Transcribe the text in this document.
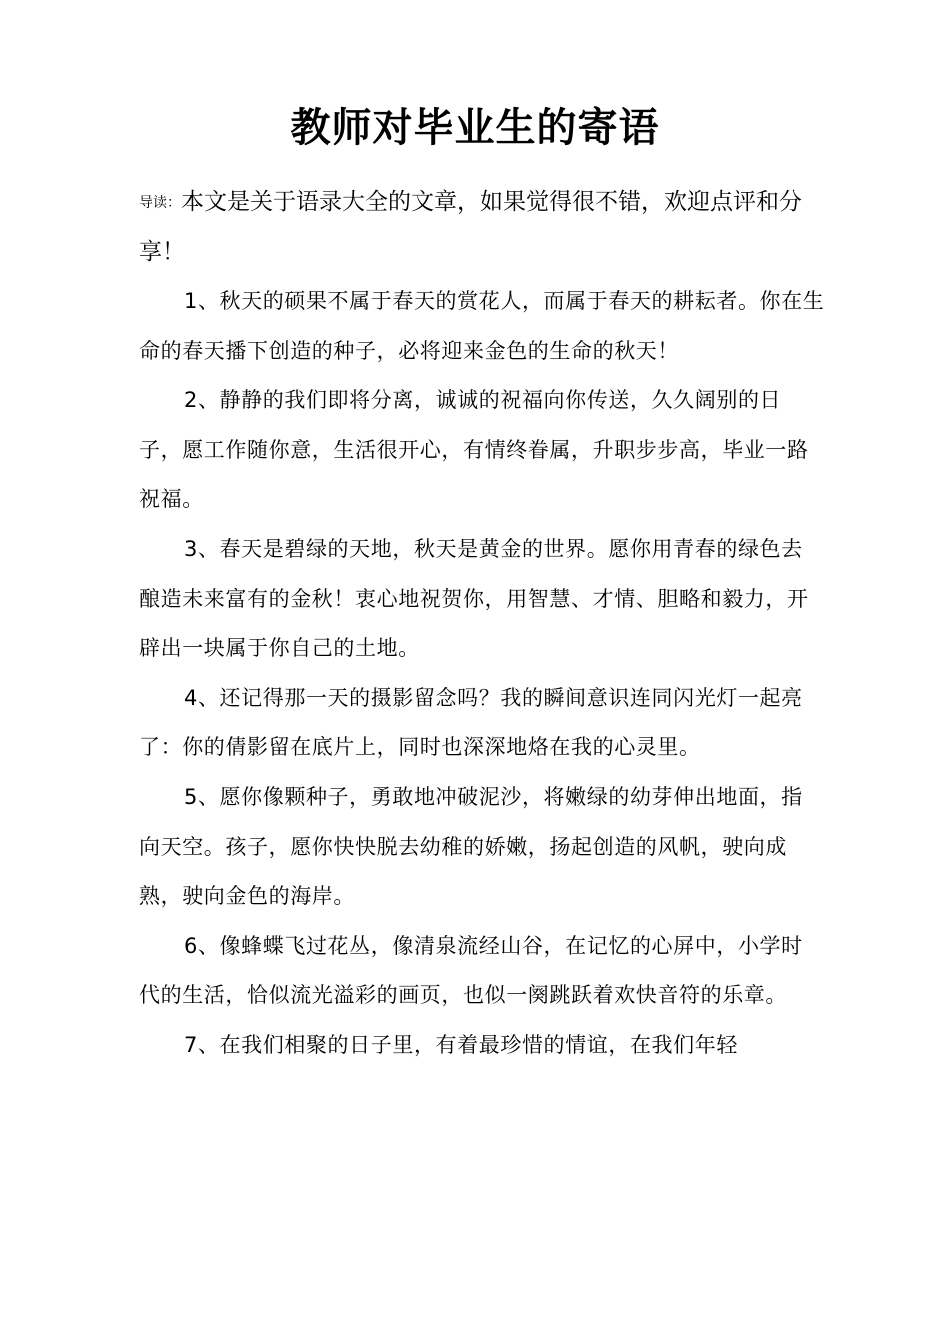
教师对毕业生的寄语

导读：本文是关于语录大全的文章，如果觉得很不错，欢迎点评和分享！

1、秋天的硕果不属于春天的赏花人，而属于春天的耕耘者。你在生命的春天播下创造的种子，必将迎来金色的生命的秋天！

2、静静的我们即将分离，诚诚的祝福向你传送，久久阔别的日子，愿工作随你意，生活很开心，有情终眷属，升职步步高，毕业一路祝福。

3、春天是碧绿的天地，秋天是黄金的世界。愿你用青春的绿色去酿造未来富有的金秋！衷心地祝贺你，用智慧、才情、胆略和毅力，开辟出一块属于你自己的土地。

4、还记得那一天的摄影留念吗？我的瞬间意识连同闪光灯一起亮了：你的倩影留在底片上，同时也深深地烙在我的心灵里。

5、愿你像颗种子，勇敢地冲破泥沙，将嫩绿的幼芽伸出地面，指向天空。孩子，愿你快快脱去幼稚的娇嫩，扬起创造的风帆，驶向成熟，驶向金色的海岸。

6、像蜂蝶飞过花丛，像清泉流经山谷，在记忆的心屏中，小学时代的生活，恰似流光溢彩的画页，也似一阕跳跃着欢快音符的乐章。

7、在我们相聚的日子里，有着最珍惜的情谊，在我们年轻
